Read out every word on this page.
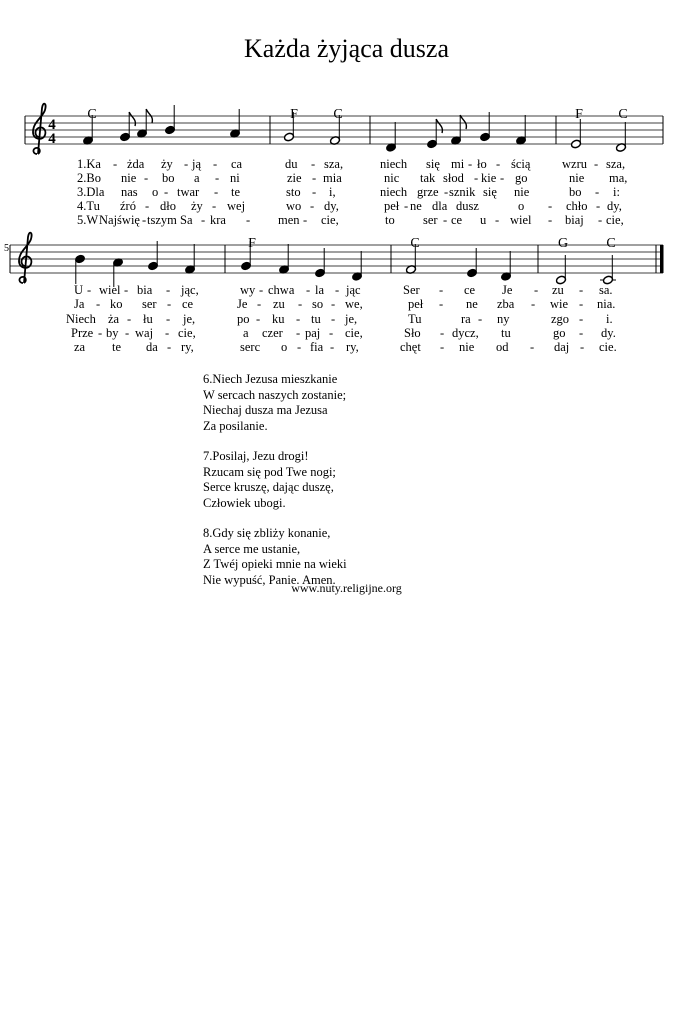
Każda żyjąca dusza
4
4
C	F	C	F	C
5	F	C	G	C
1.Ka - żda ży - ją - ca	du - sza,	niech się mi - ło - ścią	wzru - sza,
2.Bo nie - bo a - ni	zie - mia	nic tak słod - kie - go	nie ma,
3.Dla nas o - twar - te	sto - i,	niech grze - sznik się nie	bo - i:
4.Tu źró - dło ży - wej	wo - dy,	peł - ne dla dusz	o - chło - dy,
5.W Najświę - tszym Sa - kra - men - cie,	to ser - ce u - wiel - biaj - cie,
U - wiel - bia - jąc,	wy - chwa - la - jąc	Ser - ce Je - zu - sa.
Ja - ko ser - ce	Je - zu - so - we,	peł - ne zba - wie - nia.
Niech ża - łu - je,	po - ku - tu - je,	Tu	ra - ny	zgo - i.
Prze - by - waj - cie,	a czer - paj - cie,	Sło - dycz, tu	go - dy.
za te da - ry,	serc o - fia - ry,	chęt - nie od - daj - cie.
6.Niech Jezusa mieszkanie
W sercach naszych zostanie;
Niechaj dusza ma Jezusa
Za posilanie.
7.Posilaj, Jezu drogi!
Rzucam się pod Twe nogi;
Serce kruszę, dając duszę,
Człowiek ubogi.
8.Gdy się zbliży konanie,
A serce me ustanie,
Z Twéj opieki mnie na wieki
Nie wypuść, Panie. Amen.
www.nuty.religijne.org
